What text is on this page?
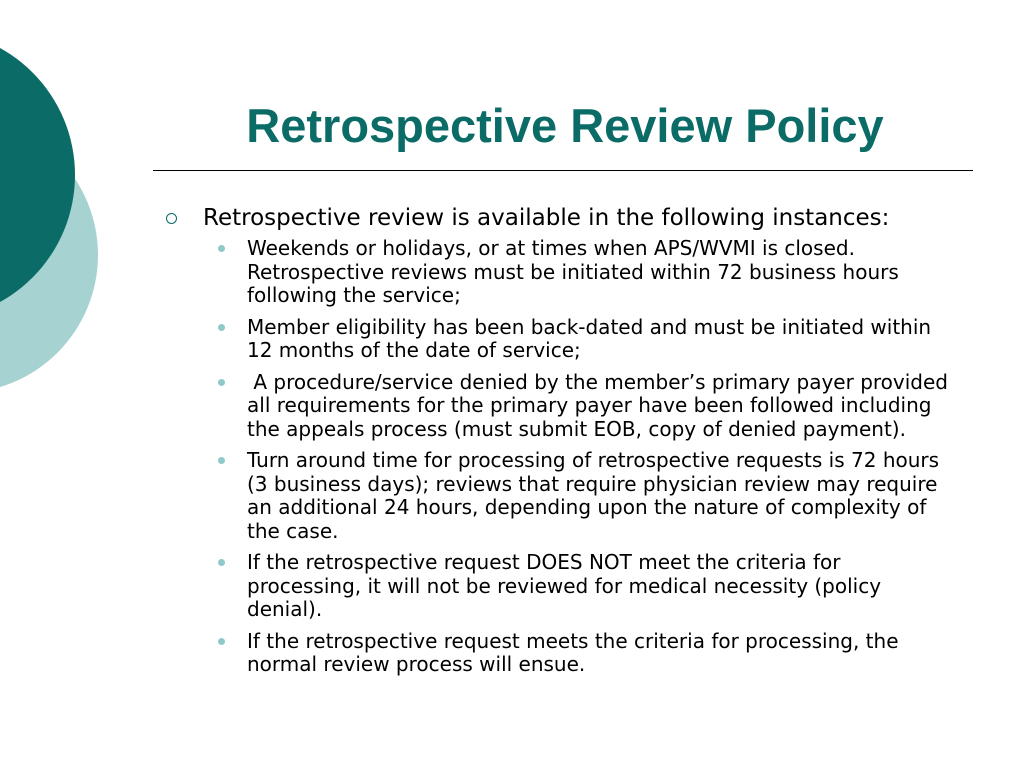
Retrospective Review Policy
Retrospective review is available in the following instances:
Weekends or holidays, or at times when APS/WVMI is closed.  Retrospective reviews must be initiated within 72 business hours following the service;
Member eligibility has been back-dated and must be initiated within 12 months of the date of service;
A procedure/service denied by the member’s primary payer provided all requirements for the primary payer have been followed including the appeals process (must submit EOB, copy of denied payment).
Turn around time for processing of retrospective requests is 72 hours (3 business days); reviews that require physician review may require an additional 24 hours, depending upon the nature of complexity of the case.
If the retrospective request DOES NOT meet the criteria for processing, it will not be reviewed for medical necessity (policy denial).
If the retrospective request meets the criteria for processing, the normal review process will ensue.
